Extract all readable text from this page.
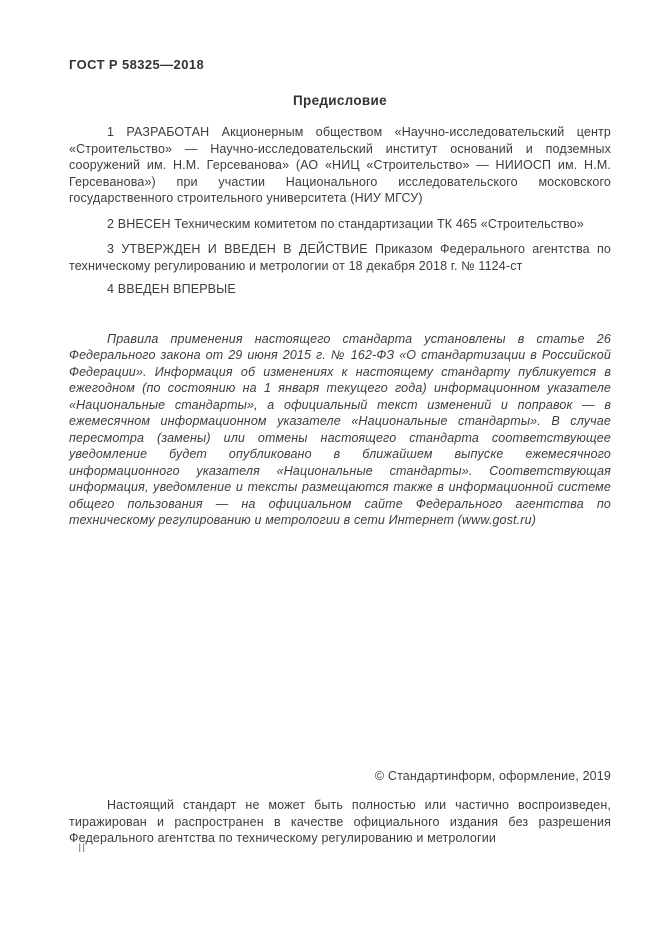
ГОСТ Р 58325—2018
Предисловие
1 РАЗРАБОТАН Акционерным обществом «Научно-исследовательский центр «Строительство» — Научно-исследовательский институт оснований и подземных сооружений им. Н.М. Герсеванова» (АО «НИЦ «Строительство» — НИИОСП им. Н.М. Герсеванова») при участии Национального исследовательского московского государственного строительного университета (НИУ МГСУ)
2 ВНЕСЕН Техническим комитетом по стандартизации ТК 465 «Строительство»
3 УТВЕРЖДЕН И ВВЕДЕН В ДЕЙСТВИЕ Приказом Федерального агентства по техническому регулированию и метрологии от 18 декабря 2018 г. № 1124-ст
4 ВВЕДЕН ВПЕРВЫЕ
Правила применения настоящего стандарта установлены в статье 26 Федерального закона от 29 июня 2015 г. № 162-ФЗ «О стандартизации в Российской Федерации». Информация об изменениях к настоящему стандарту публикуется в ежегодном (по состоянию на 1 января текущего года) информационном указателе «Национальные стандарты», а официальный текст изменений и поправок — в ежемесячном информационном указателе «Национальные стандарты». В случае пересмотра (замены) или отмены настоящего стандарта соответствующее уведомление будет опубликовано в ближайшем выпуске ежемесячного информационного указателя «Национальные стандарты». Соответствующая информация, уведомление и тексты размещаются также в информационной системе общего пользования — на официальном сайте Федерального агентства по техническому регулированию и метрологии в сети Интернет (www.gost.ru)
© Стандартинформ, оформление, 2019
Настоящий стандарт не может быть полностью или частично воспроизведен, тиражирован и распространен в качестве официального издания без разрешения Федерального агентства по техническому регулированию и метрологии
II
